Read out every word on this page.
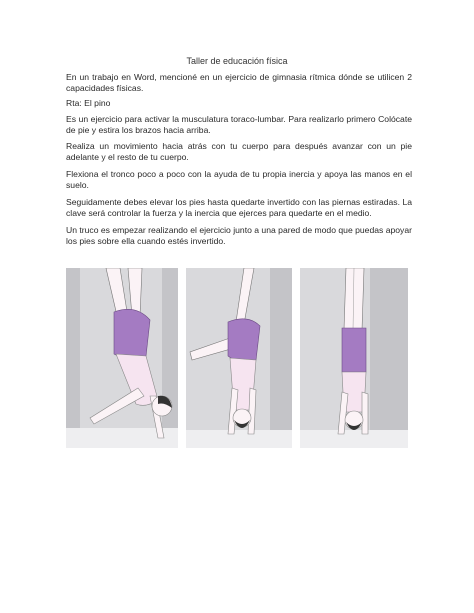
Taller de educación física
En un trabajo en Word, mencioné en un ejercicio de gimnasia rítmica dónde se utilicen 2 capacidades físicas.
Rta: El pino
Es un ejercicio para activar la musculatura toraco-lumbar. Para realizarlo primero Colócate de pie y estira los brazos hacia arriba.
Realiza un movimiento hacia atrás con tu cuerpo para después avanzar con un pie adelante y el resto de tu cuerpo.
Flexiona el tronco poco a poco con la ayuda de tu propia inercia y apoya las manos en el suelo.
Seguidamente debes elevar los pies hasta quedarte invertido con las piernas estiradas. La clave será controlar la fuerza y la inercia que ejerces para quedarte en el medio.
Un truco es empezar realizando el ejercicio junto a una pared de modo que puedas apoyar los pies sobre ella cuando estés invertido.
